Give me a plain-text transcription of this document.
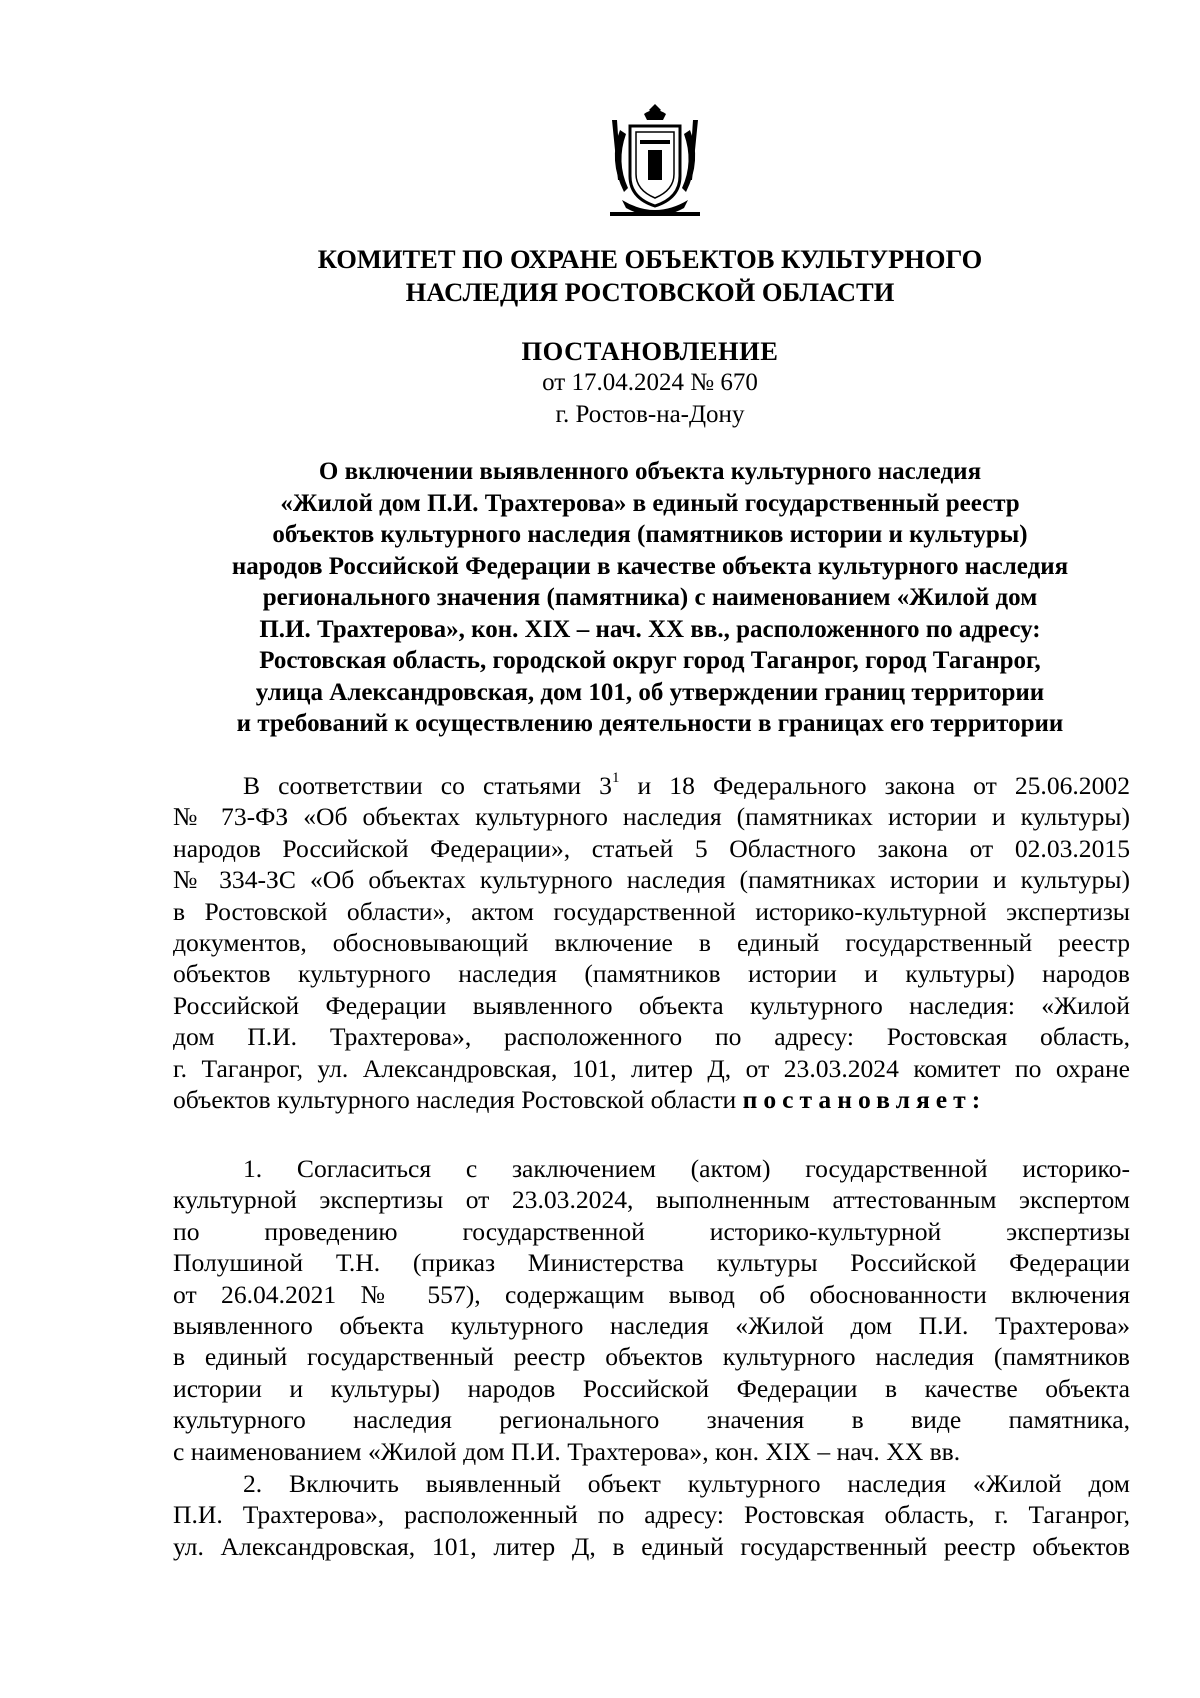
КОМИТЕТ ПО ОХРАНЕ ОБЪЕКТОВ КУЛЬТУРНОГО
НАСЛЕДИЯ РОСТОВСКОЙ ОБЛАСТИ
ПОСТАНОВЛЕНИЕ
от 17.04.2024 № 670
г. Ростов-на-Дону
О включении выявленного объекта культурного наследия
«Жилой дом П.И. Трахтерова» в единый государственный реестр
объектов культурного наследия (памятников истории и культуры)
народов Российской Федерации в качестве объекта культурного наследия
регионального значения (памятника) с наименованием «Жилой дом
П.И. Трахтерова», кон. XIX – нач. XX вв., расположенного по адресу:
Ростовская область, городской округ город Таганрог, город Таганрог,
улица Александровская, дом 101, об утверждении границ территории
и требований к осуществлению деятельности в границах его территории
В соответствии со статьями $3^1$ и 18 Федерального закона от 25.06.2002
№ 73-ФЗ «Об объектах культурного наследия (памятниках истории и культуры)
народов Российской Федерации», статьей 5 Областного закона от 02.03.2015
№ 334-ЗС «Об объектах культурного наследия (памятниках истории и культуры)
в Ростовской области», актом государственной историко-культурной экспертизы
документов, обосновывающий включение в единый государственный реестр
объектов культурного наследия (памятников истории и культуры) народов
Российской Федерации выявленного объекта культурного наследия: «Жилой
дом П.И. Трахтерова», расположенного по адресу: Ростовская область,
г. Таганрог, ул. Александровская, 101, литер Д, от 23.03.2024 комитет по охране
объектов культурного наследия Ростовской области постановляет:
1. Согласиться с заключением (актом) государственной историко-
культурной экспертизы от 23.03.2024, выполненным аттестованным экспертом
по проведению государственной историко-культурной экспертизы
Полушиной Т.Н. (приказ Министерства культуры Российской Федерации
от 26.04.2021 № 557), содержащим вывод об обоснованности включения
выявленного объекта культурного наследия «Жилой дом П.И. Трахтерова»
в единый государственный реестр объектов культурного наследия (памятников
истории и культуры) народов Российской Федерации в качестве объекта
культурного наследия регионального значения в виде памятника,
с наименованием «Жилой дом П.И. Трахтерова», кон. XIX – нач. XX вв.
2. Включить выявленный объект культурного наследия «Жилой дом
П.И. Трахтерова», расположенный по адресу: Ростовская область, г. Таганрог,
ул. Александровская, 101, литер Д, в единый государственный реестр объектов
